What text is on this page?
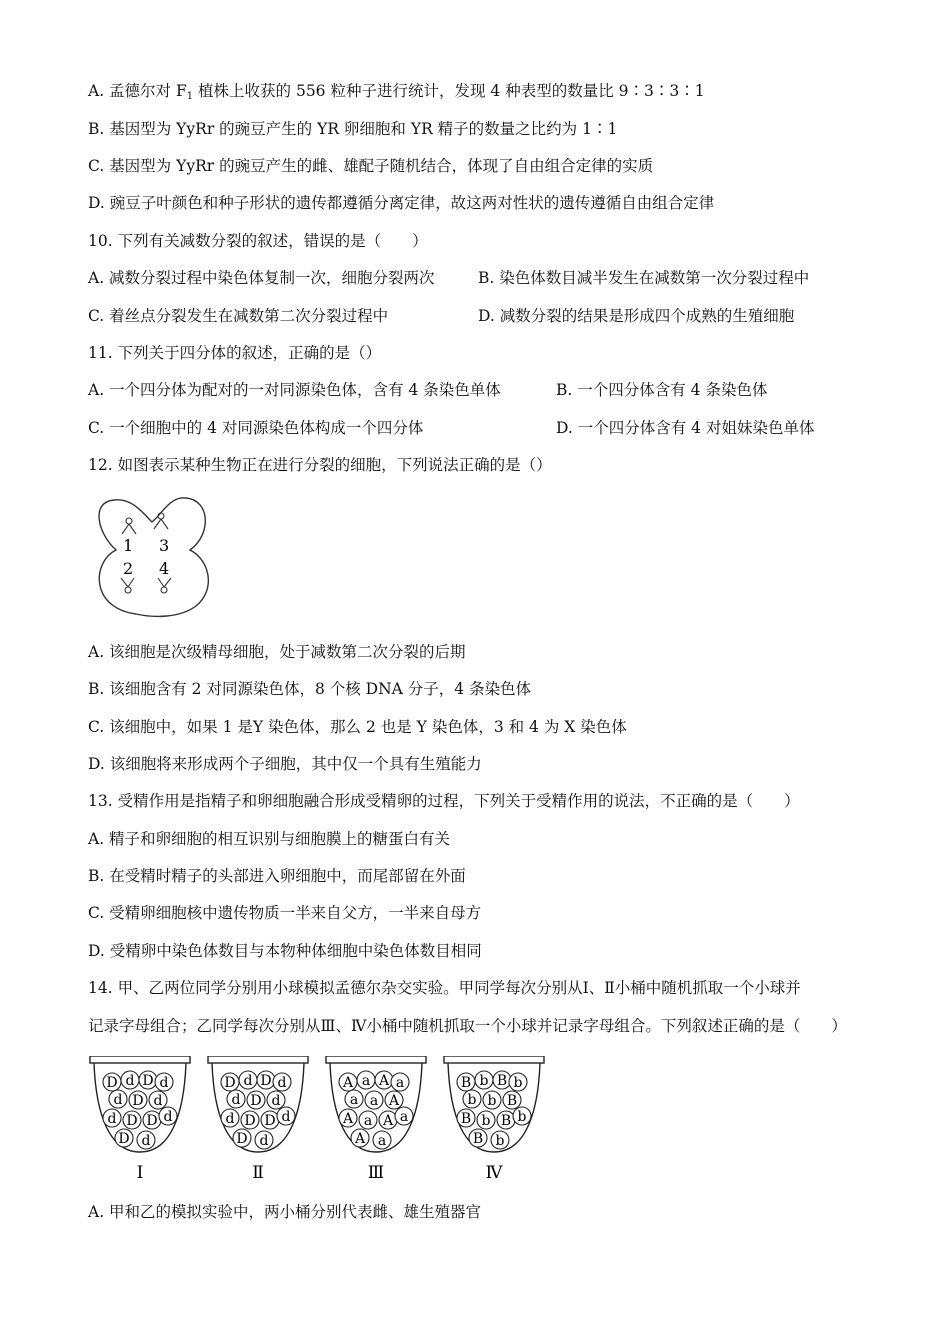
A. 孟德尔对 $F_1$ 植株上收获的 556 粒种子进行统计，发现 4 种表型的数量比 9∶3∶3∶1
B. 基因型为 YyRr 的豌豆产生的 YR 卵细胞和 YR 精子的数量之比约为 1∶1
C. 基因型为 YyRr 的豌豆产生的雌、雄配子随机结合，体现了自由组合定律的实质
D. 豌豆子叶颜色和种子形状的遗传都遵循分离定律，故这两对性状的遗传遵循自由组合定律
10. 下列有关减数分裂的叙述，错误的是（　　）
A. 减数分裂过程中染色体复制一次，细胞分裂两次	B. 染色体数目减半发生在减数第一次分裂过程中
C. 着丝点分裂发生在减数第二次分裂过程中	D. 减数分裂的结果是形成四个成熟的生殖细胞
11. 下列关于四分体的叙述，正确的是（）
A. 一个四分体为配对的一对同源染色体，含有 4 条染色单体	B. 一个四分体含有 4 条染色体
C. 一个细胞中的 4 对同源染色体构成一个四分体	D. 一个四分体含有 4 对姐妹染色单体
12. 如图表示某种生物正在进行分裂的细胞，下列说法正确的是（）
1 3
2 4
A. 该细胞是次级精母细胞，处于减数第二次分裂的后期
B. 该细胞含有 2 对同源染色体，8 个核 DNA 分子，4 条染色体
C. 该细胞中，如果 1 是Y 染色体，那么 2 也是 Y 染色体，3 和 4 为 X 染色体
D. 该细胞将来形成两个子细胞，其中仅一个具有生殖能力
13. 受精作用是指精子和卵细胞融合形成受精卵的过程，下列关于受精作用的说法，不正确的是（　　）
A. 精子和卵细胞的相互识别与细胞膜上的糖蛋白有关
B. 在受精时精子的头部进入卵细胞中，而尾部留在外面
C. 受精卵细胞核中遗传物质一半来自父方，一半来自母方
D. 受精卵中染色体数目与本物种体细胞中染色体数目相同
14. 甲、乙两位同学分别用小球模拟孟德尔杂交实验。甲同学每次分别从Ⅰ、Ⅱ小桶中随机抓取一个小球并
记录字母组合；乙同学每次分别从Ⅲ、Ⅳ小桶中随机抓取一个小球并记录字母组合。下列叙述正确的是（　　）
D d D d
d D d
d D D d
D d
Ⅰ
D d D d
d D d
d D D d
D d
Ⅱ
A a A a
a a A
A a A a
A a
Ⅲ
B b B b
b b B
B b B b
B b
Ⅳ
A. 甲和乙的模拟实验中，两小桶分别代表雌、雄生殖器官
